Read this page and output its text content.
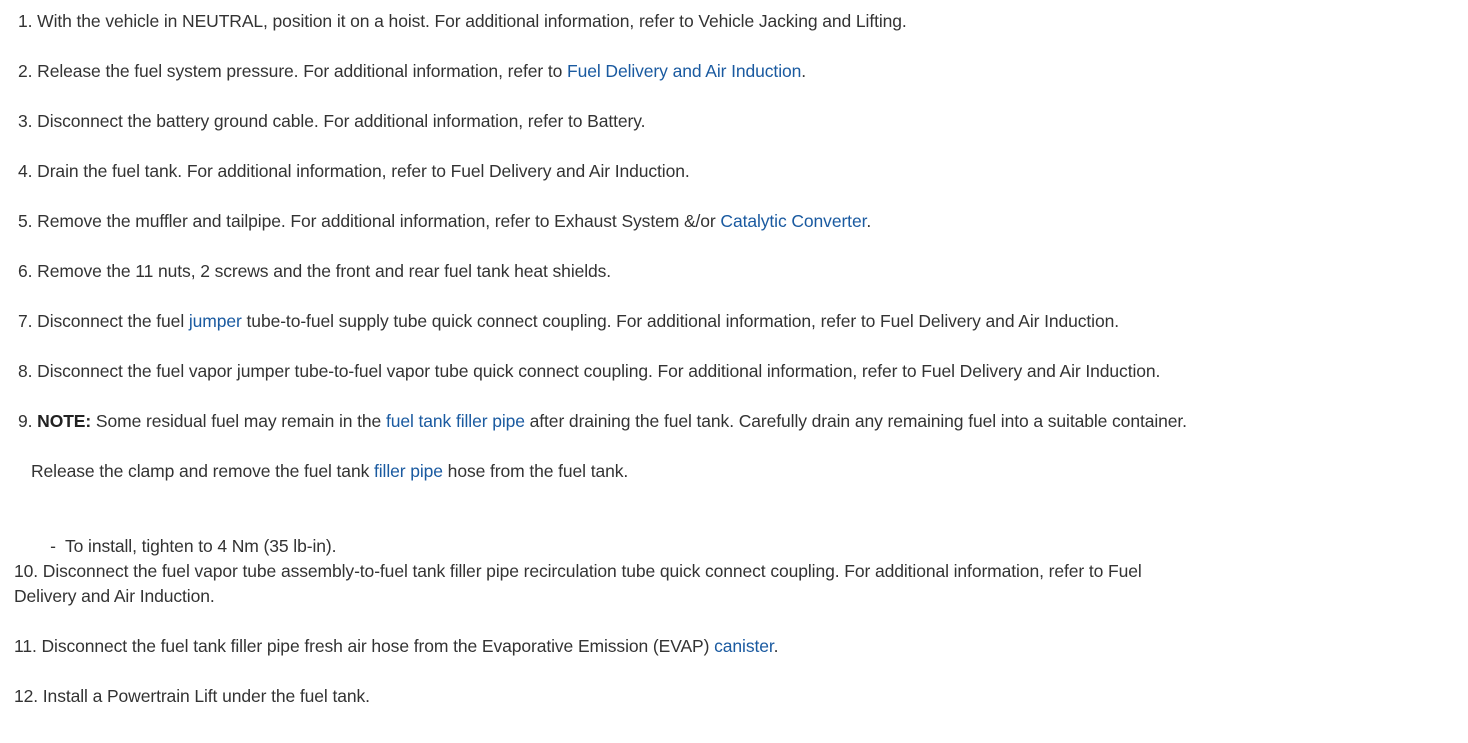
1. With the vehicle in NEUTRAL, position it on a hoist. For additional information, refer to Vehicle Jacking and Lifting.
2. Release the fuel system pressure. For additional information, refer to Fuel Delivery and Air Induction.
3. Disconnect the battery ground cable. For additional information, refer to Battery.
4. Drain the fuel tank. For additional information, refer to Fuel Delivery and Air Induction.
5. Remove the muffler and tailpipe. For additional information, refer to Exhaust System &/or Catalytic Converter.
6. Remove the 11 nuts, 2 screws and the front and rear fuel tank heat shields.
7. Disconnect the fuel jumper tube-to-fuel supply tube quick connect coupling. For additional information, refer to Fuel Delivery and Air Induction.
8. Disconnect the fuel vapor jumper tube-to-fuel vapor tube quick connect coupling. For additional information, refer to Fuel Delivery and Air Induction.
9. NOTE: Some residual fuel may remain in the fuel tank filler pipe after draining the fuel tank. Carefully drain any remaining fuel into a suitable container.
Release the clamp and remove the fuel tank filler pipe hose from the fuel tank.

-  To install, tighten to 4 Nm (35 lb-in).

10. Disconnect the fuel vapor tube assembly-to-fuel tank filler pipe recirculation tube quick connect coupling. For additional information, refer to Fuel
Delivery and Air Induction.
11. Disconnect the fuel tank filler pipe fresh air hose from the Evaporative Emission (EVAP) canister.
12. Install a Powertrain Lift under the fuel tank.
